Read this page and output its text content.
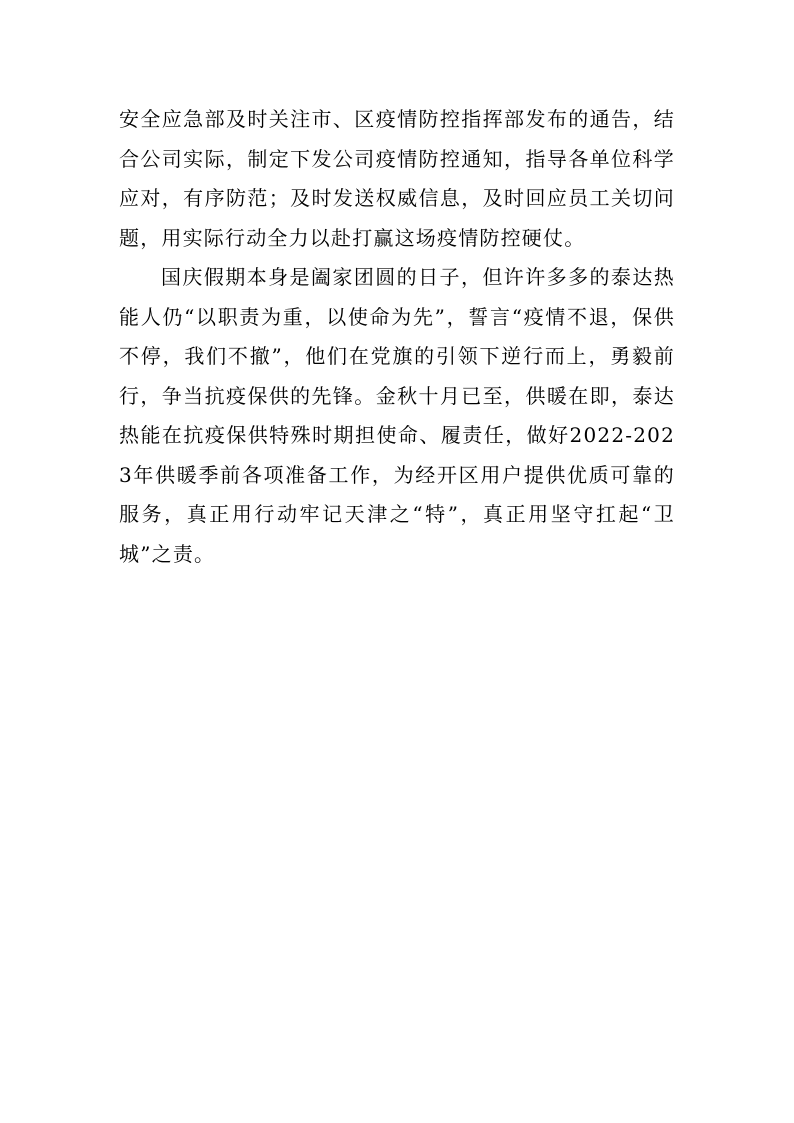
安全应急部及时关注市、区疫情防控指挥部发布的通告，结合公司实际，制定下发公司疫情防控通知，指导各单位科学应对，有序防范；及时发送权威信息，及时回应员工关切问题，用实际行动全力以赴打赢这场疫情防控硬仗。

国庆假期本身是阖家团圆的日子，但许许多多的泰达热能人仍“以职责为重，以使命为先”，誓言“疫情不退，保供不停，我们不撤”，他们在党旗的引领下逆行而上，勇毅前行，争当抗疫保供的先锋。金秋十月已至，供暖在即，泰达热能在抗疫保供特殊时期担使命、履责任，做好2022-2023年供暖季前各项准备工作，为经开区用户提供优质可靠的服务，真正用行动牢记天津之“特”，真正用坚守扛起“卫城”之责。
